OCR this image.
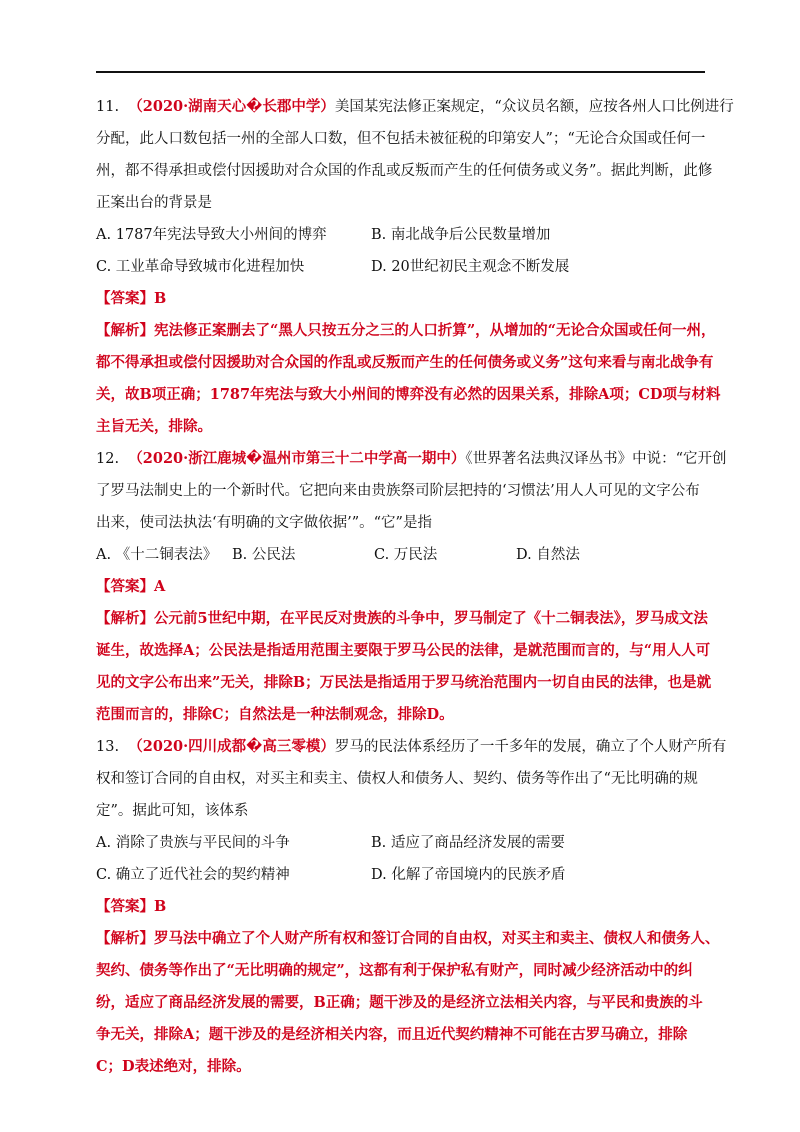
11.  （2020·湖南天心�长郡中学）美国某宪法修正案规定，“众议员名额，应按各州人口比例进行
分配，此人口数包括一州的全部人口数，但不包括未被征税的印第安人”；“无论合众国或任何一
州，都不得承担或偿付因援助对合众国的作乱或反叛而产生的任何债务或义务”。据此判断，此修
正案出台的背景是
A. 1787年宪法导致大小州间的博弈	B. 南北战争后公民数量增加
C. 工业革命导致城市化进程加快	D. 20世纪初民主观念不断发展
【答案】B
【解析】宪法修正案删去了“黑人只按五分之三的人口折算”，从增加的“无论合众国或任何一州，
都不得承担或偿付因援助对合众国的作乱或反叛而产生的任何债务或义务”这句来看与南北战争有
关，故B项正确；1787年宪法与致大小州间的博弈没有必然的因果关系，排除A项；CD项与材料
主旨无关，排除。
12.  （2020·浙江鹿城�温州市第三十二中学高一期中）《世界著名法典汉译丛书》中说：“它开创
了罗马法制史上的一个新时代。它把向来由贵族祭司阶层把持的‘习惯法’用人人可见的文字公布
出来，使司法执法‘有明确的文字做依据’”。“它”是指
A. 《十二铜表法》 B. 公民法	C. 万民法	D. 自然法
【答案】A
【解析】公元前5世纪中期，在平民反对贵族的斗争中，罗马制定了《十二铜表法》，罗马成文法
诞生，故选择A；公民法是指适用范围主要限于罗马公民的法律，是就范围而言的，与“用人人可
见的文字公布出来”无关，排除B；万民法是指适用于罗马统治范围内一切自由民的法律，也是就
范围而言的，排除C；自然法是一种法制观念，排除D。
13.  （2020·四川成都�高三零模）罗马的民法体系经历了一千多年的发展，确立了个人财产所有
权和签订合同的自由权，对买主和卖主、债权人和债务人、契约、债务等作出了“无比明确的规
定”。据此可知，该体系
A. 消除了贵族与平民间的斗争	B. 适应了商品经济发展的需要
C. 确立了近代社会的契约精神	D. 化解了帝国境内的民族矛盾
【答案】B
【解析】罗马法中确立了个人财产所有权和签订合同的自由权，对买主和卖主、债权人和债务人、
契约、债务等作出了“无比明确的规定”，这都有利于保护私有财产，同时减少经济活动中的纠
纷，适应了商品经济发展的需要，B正确；题干涉及的是经济立法相关内容，与平民和贵族的斗
争无关，排除A；题干涉及的是经济相关内容，而且近代契约精神不可能在古罗马确立，排除
C；D表述绝对，排除。
